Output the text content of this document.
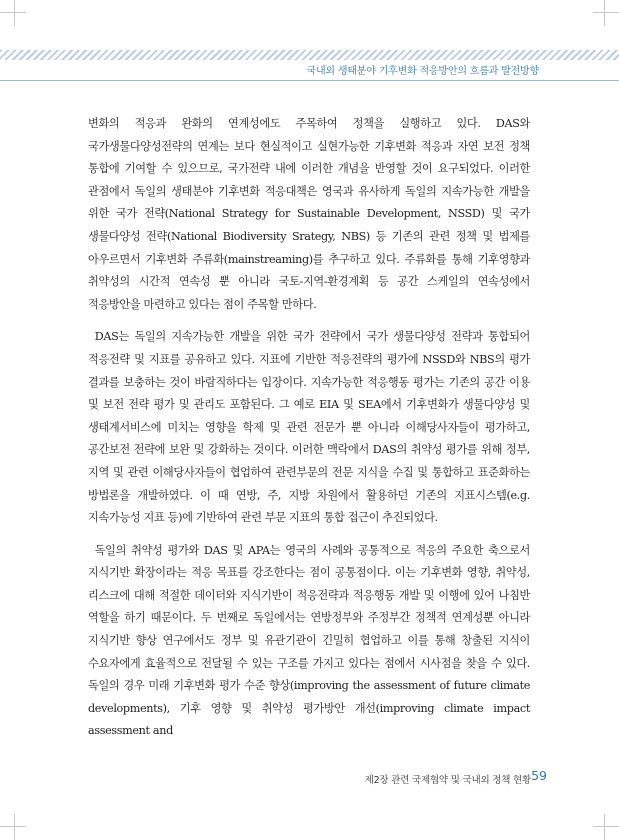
국내외 생태분야 기후변화 적응방안의 흐름과 발전방향

변화의 적응과 완화의 연계성에도 주목하여 정책을 실행하고 있다. DAS와 국가생물다양성전략의 연계는 보다 현실적이고 실현가능한 기후변화 적응과 자연 보전 정책 통합에 기여할 수 있으므로, 국가전략 내에 이러한 개념을 반영할 것이 요구되었다. 이러한 관점에서 독일의 생태분야 기후변화 적응대책은 영국과 유사하게 독일의 지속가능한 개발을 위한 국가 전략(National Strategy for Sustainable Development, NSSD) 및 국가 생물다양성 전략(National Biodiversity Srategy, NBS) 등 기존의 관련 정책 및 법제를 아우르면서 기후변화 주류화(mainstreaming)를 추구하고 있다. 주류화를 통해 기후영향과 취약성의 시간적 연속성 뿐 아니라 국토-지역-환경계획 등 공간 스케일의 연속성에서 적응방안을 마련하고 있다는 점이 주목할 만하다.

DAS는 독일의 지속가능한 개발을 위한 국가 전략에서 국가 생물다양성 전략과 통합되어 적응전략 및 지표를 공유하고 있다. 지표에 기반한 적응전략의 평가에 NSSD와 NBS의 평가 결과를 보충하는 것이 바람직하다는 입장이다. 지속가능한 적응행동 평가는 기존의 공간 이용 및 보전 전략 평가 및 관리도 포함된다. 그 예로 EIA 및 SEA에서 기후변화가 생물다양성 및 생태계서비스에 미치는 영향을 학제 및 관련 전문가 뿐 아니라 이해당사자들이 평가하고, 공간보전 전략에 보완 및 강화하는 것이다. 이러한 맥락에서 DAS의 취약성 평가를 위해 정부, 지역 및 관련 이해당사자들이 협업하여 관련부문의 전문 지식을 수집 및 통합하고 표준화하는 방법론을 개발하였다. 이 때 연방, 주, 지방 차원에서 활용하던 기존의 지표시스템(e.g. 지속가능성 지표 등)에 기반하여 관련 부문 지표의 통합 접근이 추진되었다.

독일의 취약성 평가와 DAS 및 APA는 영국의 사례와 공통적으로 적응의 주요한 축으로서 지식기반 확장이라는 적응 목표를 강조한다는 점이 공통점이다. 이는 기후변화 영향, 취약성, 리스크에 대해 적절한 데이터와 지식기반이 적응전략과 적응행동 개발 및 이행에 있어 나침반 역할을 하기 때문이다. 두 번째로 독일에서는 연방정부와 주정부간 정책적 연계성뿐 아니라 지식기반 향상 연구에서도 정부 및 유관기관이 긴밀히 협업하고 이를 통해 창출된 지식이 수요자에게 효율적으로 전달될 수 있는 구조를 가지고 있다는 점에서 시사점을 찾을 수 있다. 독일의 경우 미래 기후변화 평가 수준 향상(improving the assessment of future climate developments), 기후 영향 및 취약성 평가방안 개선(improving climate impact assessment and

제2장 관련 국제협약 및 국내외 정책 현황 59
